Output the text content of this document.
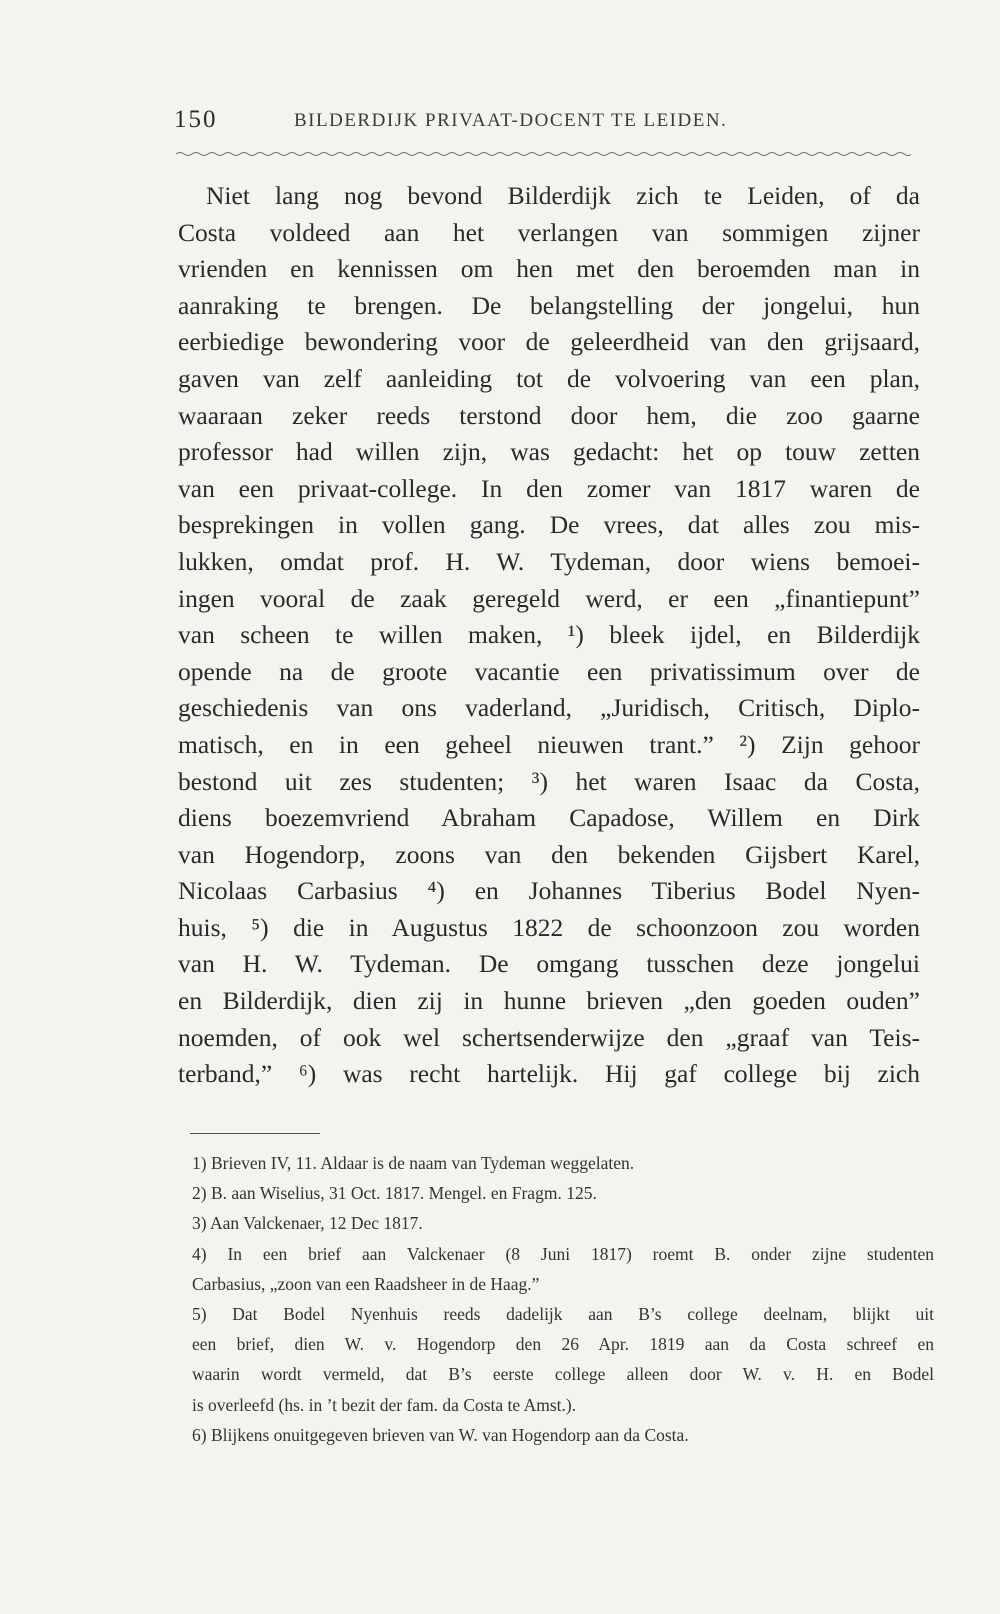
150	BILDERDIJK PRIVAAT-DOCENT TE LEIDEN.
Niet lang nog bevond Bilderdijk zich te Leiden, of da
Costa voldeed aan het verlangen van sommigen zijner
vrienden en kennissen om hen met den beroemden man in
aanraking te brengen. De belangstelling der jongelui, hun
eerbiedige bewondering voor de geleerdheid van den grijsaard,
gaven van zelf aanleiding tot de volvoering van een plan,
waaraan zeker reeds terstond door hem, die zoo gaarne
professor had willen zijn, was gedacht: het op touw zetten
van een privaat-college. In den zomer van 1817 waren de
besprekingen in vollen gang. De vrees, dat alles zou mis-
lukken, omdat prof. H. W. Tydeman, door wiens bemoei-
ingen vooral de zaak geregeld werd, er een „finantiepunt”
van scheen te willen maken, ¹) bleek ijdel, en Bilderdijk
opende na de groote vacantie een privatissimum over de
geschiedenis van ons vaderland, „Juridisch, Critisch, Diplo-
matisch, en in een geheel nieuwen trant.” ²) Zijn gehoor
bestond uit zes studenten; ³) het waren Isaac da Costa,
diens boezemvriend Abraham Capadose, Willem en Dirk
van Hogendorp, zoons van den bekenden Gijsbert Karel,
Nicolaas Carbasius ⁴) en Johannes Tiberius Bodel Nyen-
huis, ⁵) die in Augustus 1822 de schoonzoon zou worden
van H. W. Tydeman. De omgang tusschen deze jongelui
en Bilderdijk, dien zij in hunne brieven „den goeden ouden”
noemden, of ook wel schertsenderwijze den „graaf van Teis-
terband,” ⁶) was recht hartelijk. Hij gaf college bij zich
1) Brieven IV, 11. Aldaar is de naam van Tydeman weggelaten.
2) B. aan Wiselius, 31 Oct. 1817. Mengel. en Fragm. 125.
3) Aan Valckenaer, 12 Dec 1817.
4) In een brief aan Valckenaer (8 Juni 1817) roemt B. onder zijne studenten
Carbasius, „zoon van een Raadsheer in de Haag.”
5) Dat Bodel Nyenhuis reeds dadelijk aan B’s college deelnam, blijkt uit
een brief, dien W. v. Hogendorp den 26 Apr. 1819 aan da Costa schreef en
waarin wordt vermeld, dat B’s eerste college alleen door W. v. H. en Bodel
is overleefd (hs. in ’t bezit der fam. da Costa te Amst.).
6) Blijkens onuitgegeven brieven van W. van Hogendorp aan da Costa.
